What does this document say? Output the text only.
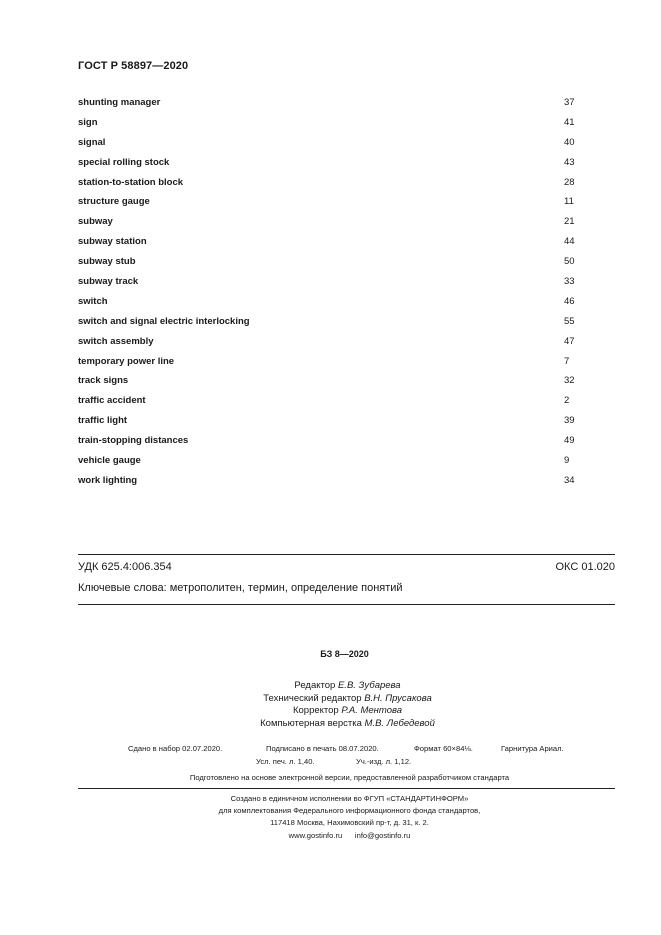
ГОСТ Р 58897—2020
shunting manager	37
sign	41
signal	40
special rolling stock	43
station-to-station block	28
structure gauge	11
subway	21
subway station	44
subway stub	50
subway track	33
switch	46
switch and signal electric interlocking	55
switch assembly	47
temporary power line	7
track signs	32
traffic accident	2
traffic light	39
train-stopping distances	49
vehicle gauge	9
work lighting	34
УДК 625.4:006.354	ОКС 01.020
Ключевые слова: метрополитен, термин, определение понятий
БЗ 8—2020
Редактор Е.В. Зубарева
Технический редактор В.Н. Прусакова
Корректор Р.А. Ментова
Компьютерная верстка М.В. Лебедевой
Сдано в набор 02.07.2020.	Подписано в печать 08.07.2020.	Формат 60×84⅛.	Гарнитура Ариал.
Усл. печ. л. 1,40.	Уч.-изд. л. 1,12.
Подготовлено на основе электронной версии, предоставленной разработчиком стандарта
Создано в единичном исполнении во ФГУП «СТАНДАРТИНФОРМ»
для комплектования Федерального информационного фонда стандартов,
117418 Москва, Нахимовский пр-т, д. 31, к. 2.
www.gostinfo.ru      info@gostinfo.ru
